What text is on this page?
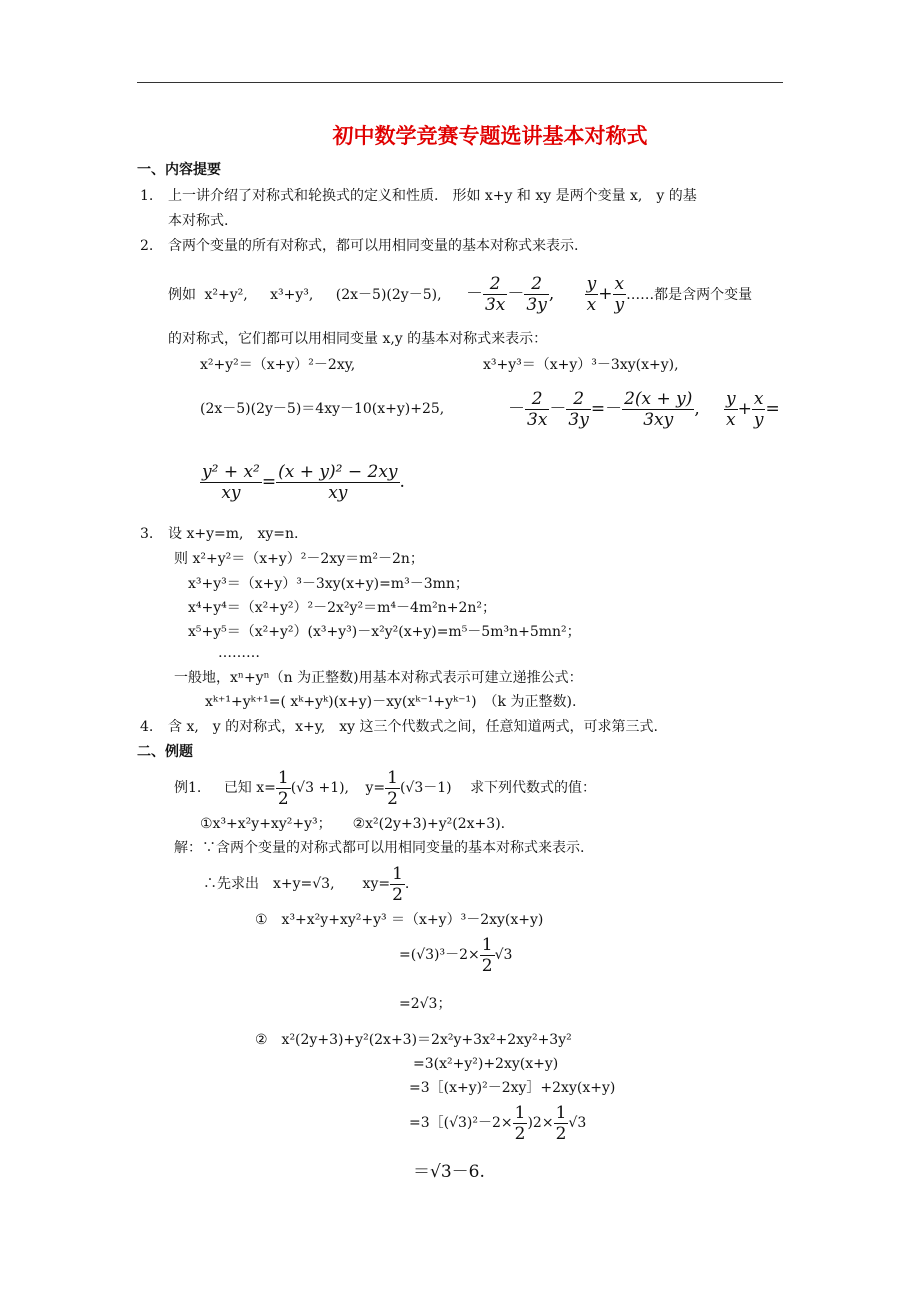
初中数学竞赛专题选讲基本对称式
一、内容提要
1. 上一讲介绍了对称式和轮换式的定义和性质.　形如 x+y 和 xy 是两个变量 x,　y 的基
本对称式.
2. 含两个变量的所有对称式，都可以用相同变量的基本对称式来表示.
例如 x²+y², x³+y³, (2x－5)(2y－5), － $\frac{2}{3x} - \frac{2}{3y}$ , $\frac{y}{x} + \frac{x}{y}$ ……都是含两个变量
的对称式，它们都可以用相同变量 x,y 的基本对称式来表示：
x²+y²＝（x+y）²－2xy,	x³+y³＝（x+y）³－3xy(x+y),
(2x－5)(2y－5)＝4xy－10(x+y)+25,	－ $\frac{2}{3x} - \frac{2}{3y} =- \frac{2(x + y)}{3xy}$ , $\frac{y}{x} + \frac{x}{y}$ =
$\frac{\text{y² + x²}}{xy} = \frac{\text{(x + y)² − 2xy}}{xy}$ .
3. 设 x+y=m,　xy=n.
则 x²+y²＝（x+y）²－2xy＝m²－2n；
x³+y³＝（x+y）³－3xy(x+y)=m³－3mn；
x⁴+y⁴＝（x²+y²）²－2x²y²＝m⁴－4m²n+2n²；
x⁵+y⁵＝（x²+y²）(x³+y³)－x²y²(x+y)=m⁵－5m³n+5mn²；
………
一般地，xⁿ+yⁿ（n 为正整数)用基本对称式表示可建立递推公式：
xᵏ⁺¹+yᵏ⁺¹=( xᵏ+yᵏ)(x+y)－xy(xᵏ⁻¹+yᵏ⁻¹)　（k 为正整数).
4. 含 x,　y 的对称式，x+y,　xy 这三个代数式之间，任意知道两式，可求第三式.
二、例题
例1. 已知 $x= \frac{1}{2} (√3 +1)$, $y= \frac{1}{2} (√3-1)$ 求下列代数式的值：
①x³+x²y+xy²+y³；　　②x²(2y+3)+y²(2x+3).
解：∵含两个变量的对称式都可以用相同变量的基本对称式来表示.
∴先求出　x+y=√3,　　$xy= \frac{1}{2}$ .
①　x³+x²y+xy²+y³ ＝（x+y）³－2xy(x+y)
$=(√3)^3-2\times \frac{1}{2} √3$
=2√3；
②　x²(2y+3)+y²(2x+3)＝2x²y+3x²+2xy²+3y²
=3(x²+y²)+2xy(x+y)
=3［(x+y)²－2xy］+2xy(x+y)
=3［(√3)²－2× $\frac{1}{2} )2\times \frac{1}{2} √3$
＝√3－6.
